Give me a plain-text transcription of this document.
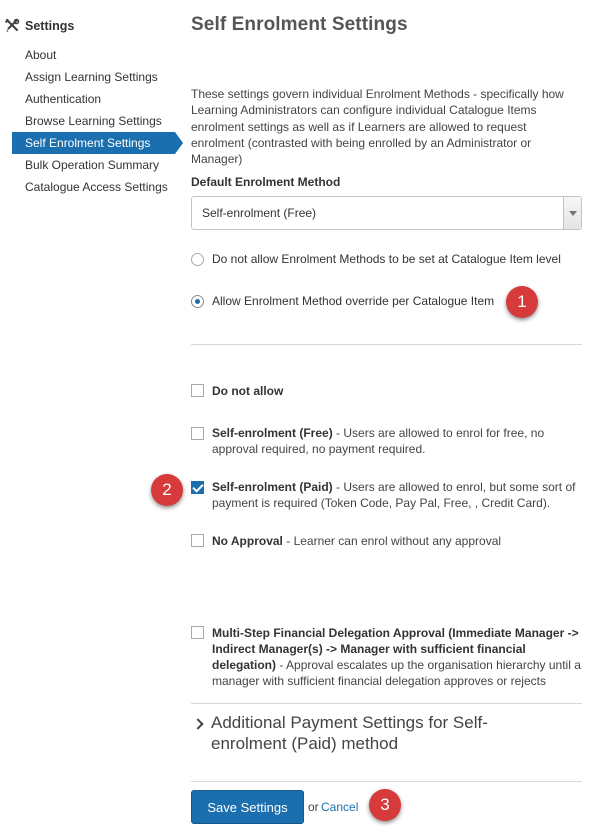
Settings
About
Assign Learning Settings
Authentication
Browse Learning Settings
Self Enrolment Settings
Bulk Operation Summary
Catalogue Access Settings
Self Enrolment Settings

These settings govern individual Enrolment Methods - specifically how Learning Administrators can configure individual Catalogue Items enrolment settings as well as if Learners are allowed to request enrolment (contrasted with being enrolled by an Administrator or Manager)

Default Enrolment Method
Self-enrolment (Free)
Do not allow Enrolment Methods to be set at Catalogue Item level
Allow Enrolment Method override per Catalogue Item	1
Do not allow
Self-enrolment (Free) - Users are allowed to enrol for free, no approval required, no payment required.
Self-enrolment (Paid) - Users are allowed to enrol, but some sort of payment is required (Token Code, Pay Pal, Free, , Credit Card).
2
No Approval - Learner can enrol without any approval
Multi-Step Financial Delegation Approval (Immediate Manager -> Indirect Manager(s) -> Manager with sufficient financial delegation) - Approval escalates up the organisation hierarchy until a manager with sufficient financial delegation approves or rejects
Additional Payment Settings for Self-enrolment (Paid) method
Save Settings	or Cancel	3
